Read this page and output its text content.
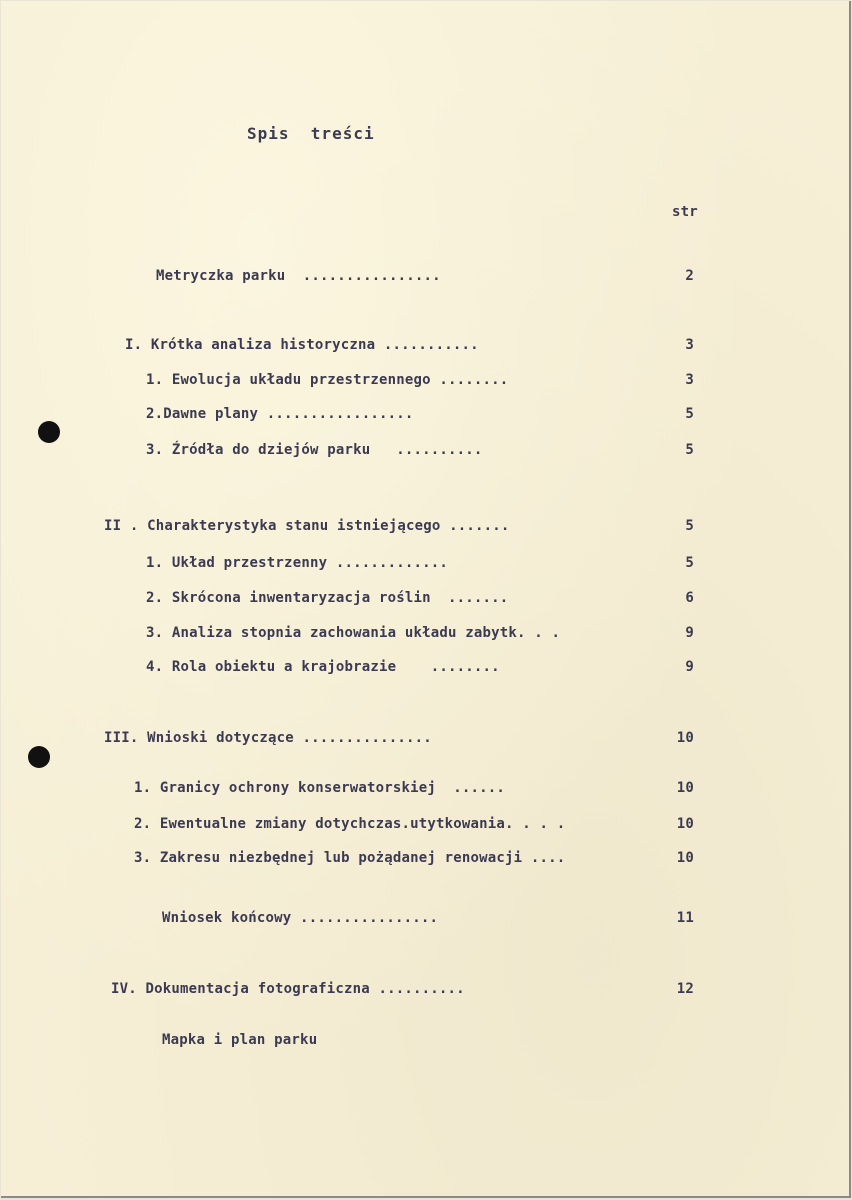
Spis  treści
str
Metryczka parku  ................	2
I. Krótka analiza historyczna ...........	3
1. Ewolucja układu przestrzennego ........	3
2.Dawne plany .................	5
3. Źródła do dziejów parku   ..........	5
II . Charakterystyka stanu istniejącego .......	5
1. Układ przestrzenny .............	5
2. Skrócona inwentaryzacja roślin  .......	6
3. Analiza stopnia zachowania układu zabytk. . .	9
4. Rola obiektu a krajobrazie    ........	9
III. Wnioski dotyczące ...............	10
1. Granicy ochrony konserwatorskiej  ......	10
2. Ewentualne zmiany dotychczas.utytkowania. . . .	10
3. Zakresu niezbędnej lub pożądanej renowacji ....	10
Wniosek końcowy ................	11
IV. Dokumentacja fotograficzna ..........	12
Mapka i plan parku
